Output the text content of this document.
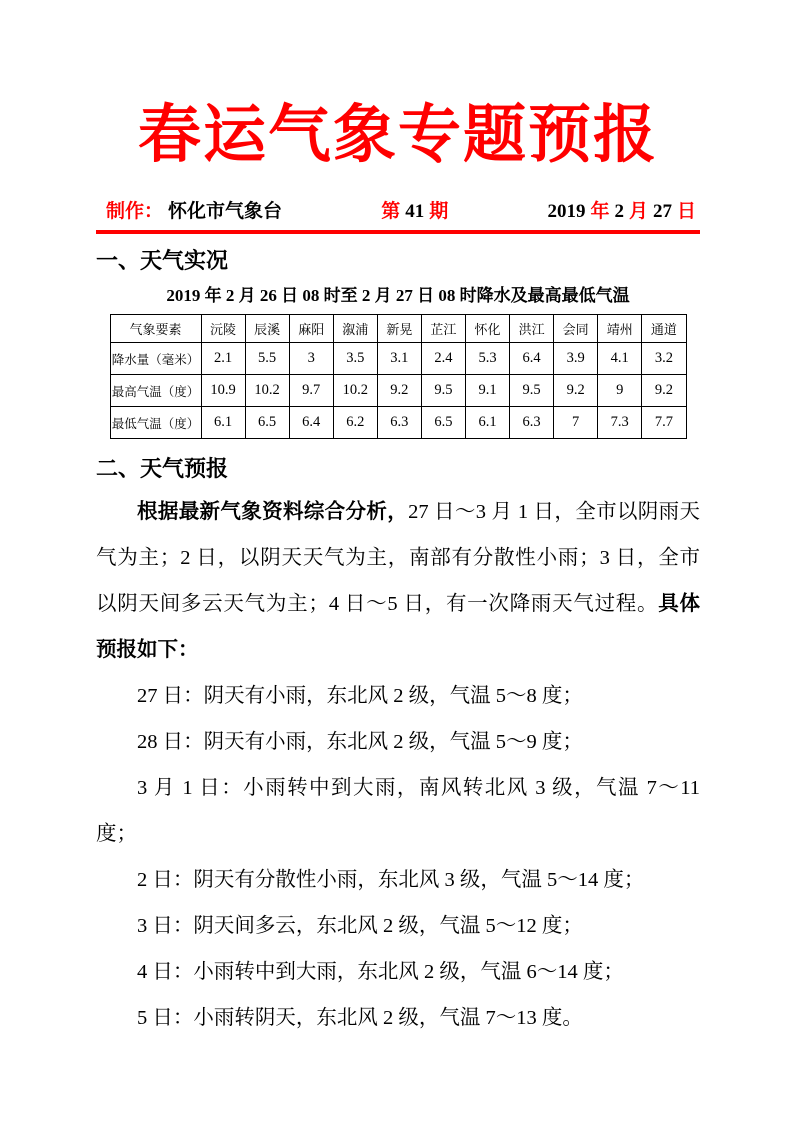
春运气象专题预报
制作： 怀化市气象台	第 41 期	2019 年 2 月 27 日
一、天气实况
2019 年 2 月 26 日 08 时至 2 月 27 日 08 时降水及最高最低气温
气象要素	沅陵	辰溪	麻阳	溆浦	新晃	芷江	怀化	洪江	会同	靖州	通道
降水量（毫米）	2.1	5.5	3	3.5	3.1	2.4	5.3	6.4	3.9	4.1	3.2
最高气温（度）	10.9	10.2	9.7	10.2	9.2	9.5	9.1	9.5	9.2	9	9.2
最低气温（度）	6.1	6.5	6.4	6.2	6.3	6.5	6.1	6.3	7	7.3	7.7
二、天气预报

根据最新气象资料综合分析，27 日～3 月 1 日，全市以阴雨天气为主；2 日，以阴天天气为主，南部有分散性小雨；3 日，全市以阴天间多云天气为主；4 日～5 日，有一次降雨天气过程。具体预报如下：

27 日：阴天有小雨，东北风 2 级，气温 5～8 度；

28 日：阴天有小雨，东北风 2 级，气温 5～9 度；

3 月 1 日：小雨转中到大雨，南风转北风 3 级，气温 7～11 度；

2 日：阴天有分散性小雨，东北风 3 级，气温 5～14 度；

3 日：阴天间多云，东北风 2 级，气温 5～12 度；

4 日：小雨转中到大雨，东北风 2 级，气温 6～14 度；

5 日：小雨转阴天，东北风 2 级，气温 7～13 度。
